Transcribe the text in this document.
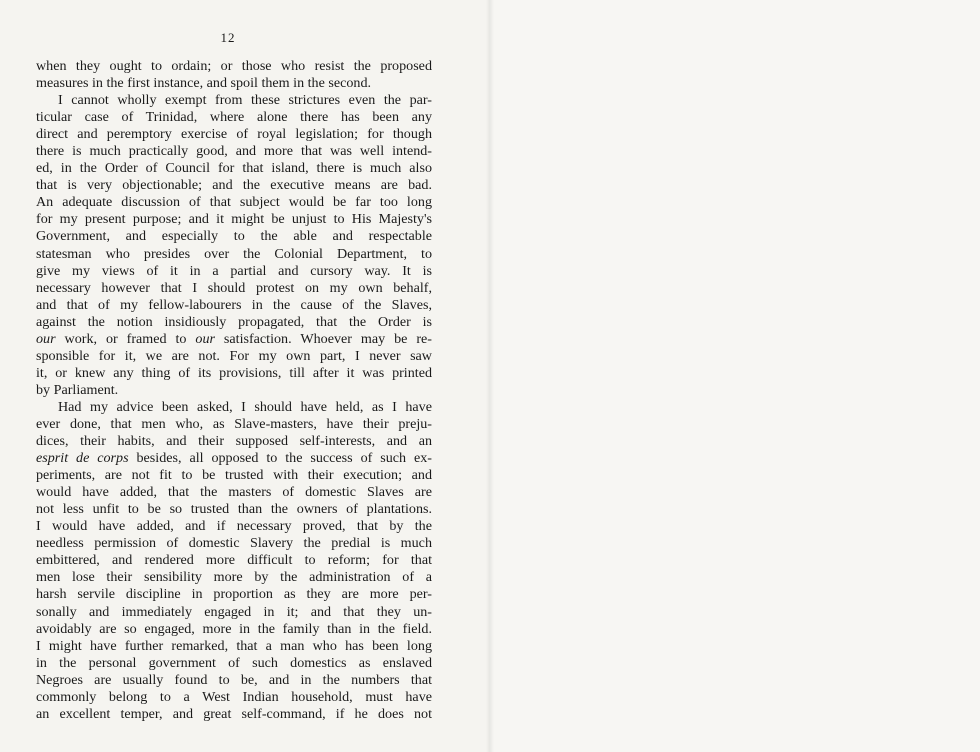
12
when they ought to ordain; or those who resist the proposed
measures in the first instance, and spoil them in the second.
I cannot wholly exempt from these strictures even the par-
ticular case of Trinidad, where alone there has been any
direct and peremptory exercise of royal legislation; for though
there is much practically good, and more that was well intend-
ed, in the Order of Council for that island, there is much also
that is very objectionable; and the executive means are bad.
An adequate discussion of that subject would be far too long
for my present purpose; and it might be unjust to His Majesty's
Government, and especially to the able and respectable
statesman who presides over the Colonial Department, to
give my views of it in a partial and cursory way. It is
necessary however that I should protest on my own behalf,
and that of my fellow-labourers in the cause of the Slaves,
against the notion insidiously propagated, that the Order is
our work, or framed to our satisfaction. Whoever may be re-
sponsible for it, we are not. For my own part, I never saw
it, or knew any thing of its provisions, till after it was printed
by Parliament.
Had my advice been asked, I should have held, as I have
ever done, that men who, as Slave-masters, have their preju-
dices, their habits, and their supposed self-interests, and an
esprit de corps besides, all opposed to the success of such ex-
periments, are not fit to be trusted with their execution; and
would have added, that the masters of domestic Slaves are
not less unfit to be so trusted than the owners of plantations.
I would have added, and if necessary proved, that by the
needless permission of domestic Slavery the predial is much
embittered, and rendered more difficult to reform; for that
men lose their sensibility more by the administration of a
harsh servile discipline in proportion as they are more per-
sonally and immediately engaged in it; and that they un-
avoidably are so engaged, more in the family than in the field.
I might have further remarked, that a man who has been long
in the personal government of such domestics as enslaved
Negroes are usually found to be, and in the numbers that
commonly belong to a West Indian household, must have
an excellent temper, and great self-command, if he does not
